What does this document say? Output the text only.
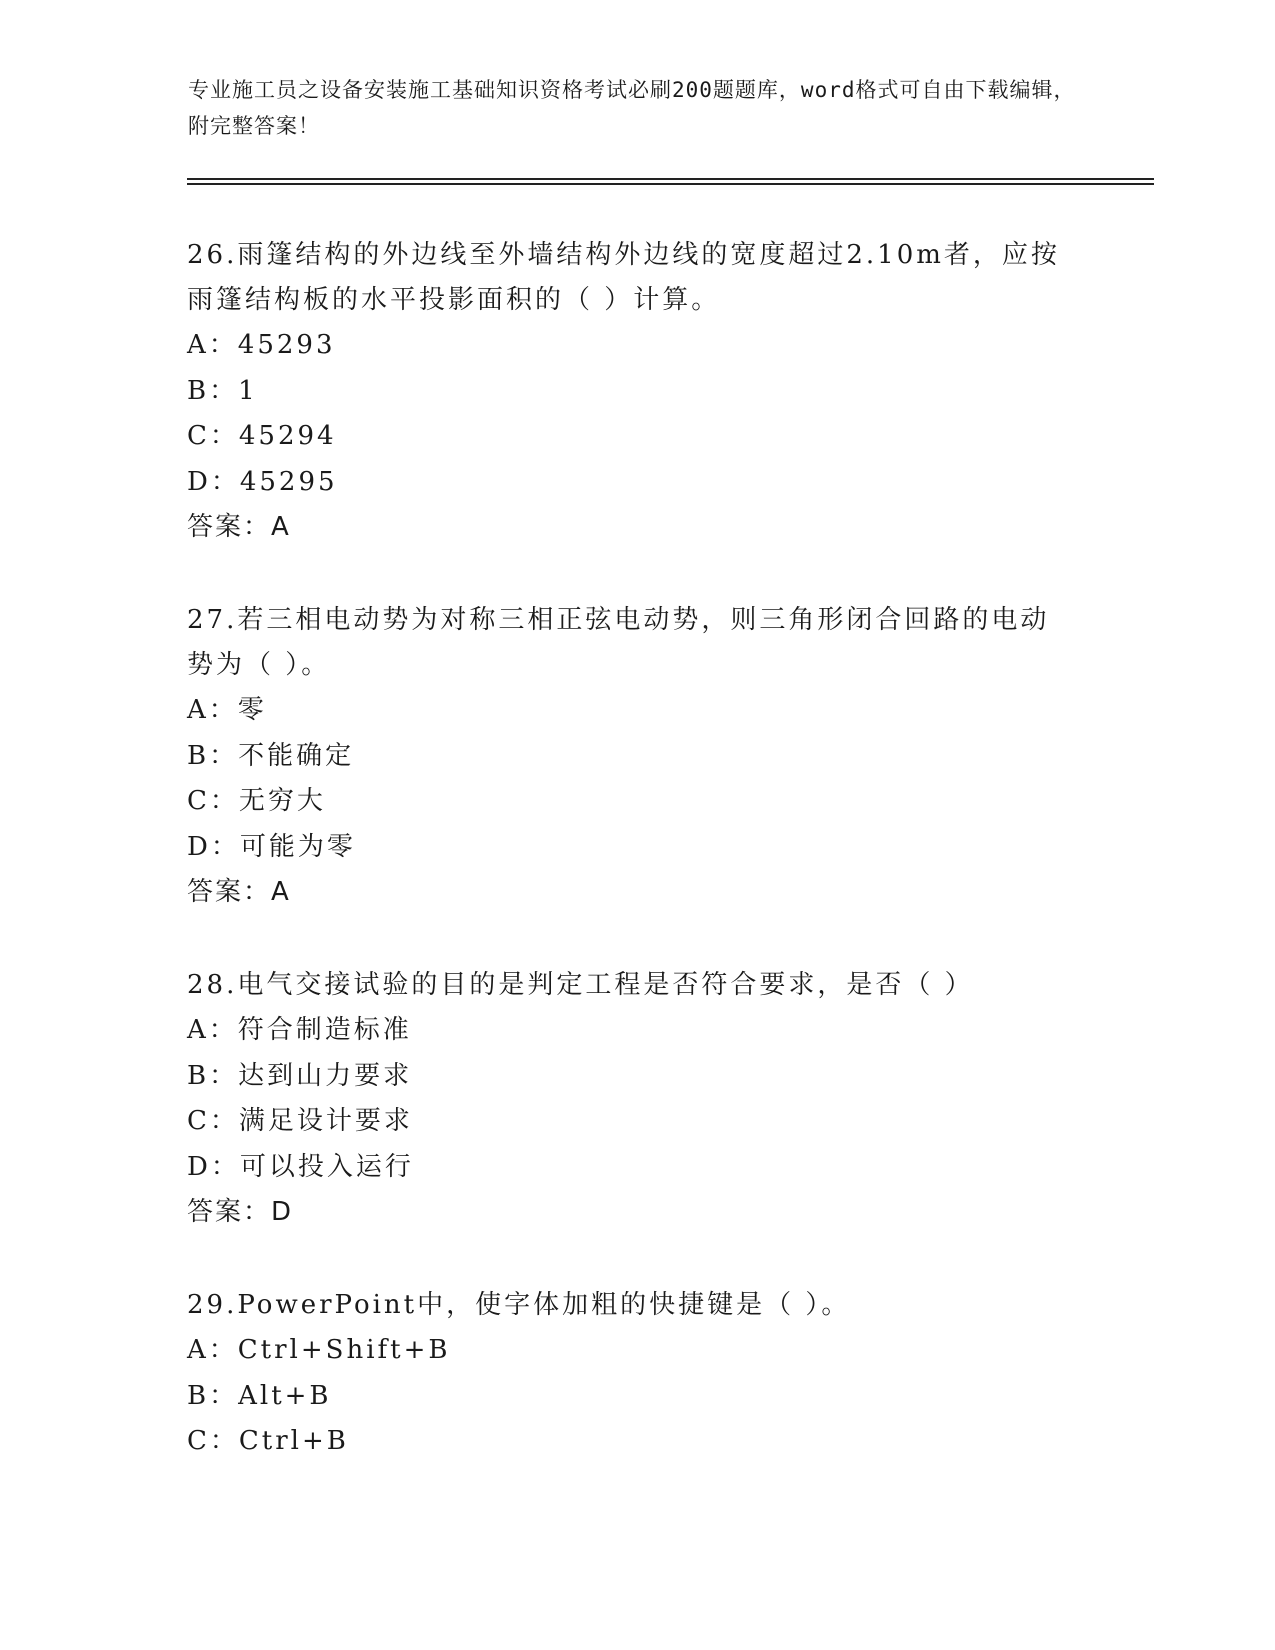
专业施工员之设备安装施工基础知识资格考试必刷200题题库，word格式可自由下载编辑，附完整答案！

26.雨篷结构的外边线至外墙结构外边线的宽度超过2.10m者，应按雨篷结构板的水平投影面积的（ ）计算。

A：45293

B：1

C：45294

D：45295

答案：A

27.若三相电动势为对称三相正弦电动势，则三角形闭合回路的电动势为（ ）。

A：零

B：不能确定

C：无穷大

D：可能为零

答案：A

28.电气交接试验的目的是判定工程是否符合要求，是否（ ）

A：符合制造标准

B：达到山力要求

C：满足设计要求

D：可以投入运行

答案：D

29.PowerPoint中，使字体加粗的快捷键是（ ）。

A：Ctrl+Shift+B

B：Alt+B

C：Ctrl+B
